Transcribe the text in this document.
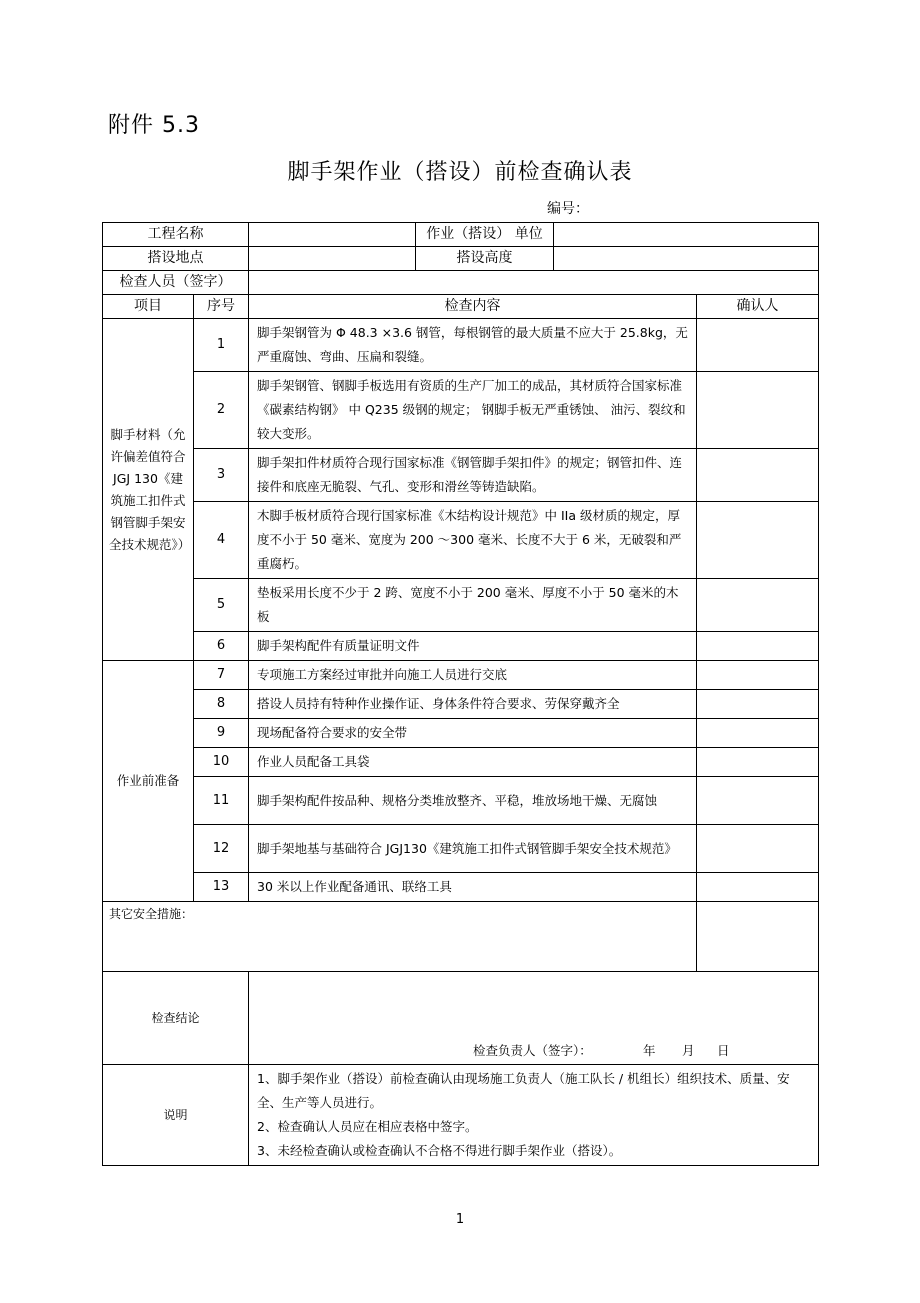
附件 5.3
脚手架作业（搭设）前检查确认表
编号：
工程名称			作业（搭设） 单位		
搭设地点			搭设高度		
检查人员（签字）					
项目	序号	检查内容			确认人
脚手材料（允许偏差值符合 JGJ 130《建筑施工扣件式钢管脚手架安全技术规范》）	1	脚手架钢管为 Φ 48.3 ×3.6 钢管，每根钢管的最大质量不应大于 25.8kg，无严重腐蚀、弯曲、压扁和裂缝。			
	2	脚手架钢管、钢脚手板选用有资质的生产厂加工的成品，其材质符合国家标准《碳素结构钢》 中 Q235 级钢的规定； 钢脚手板无严重锈蚀、 油污、裂纹和较大变形。			
	3	脚手架扣件材质符合现行国家标准《钢管脚手架扣件》的规定；钢管扣件、连接件和底座无脆裂、气孔、变形和滑丝等铸造缺陷。			
	4	木脚手板材质符合现行国家标准《木结构设计规范》中 IIa 级材质的规定，厚度不小于 50 毫米、宽度为 200 ～300 毫米、长度不大于 6 米，无破裂和严重腐朽。			
	5	垫板采用长度不少于 2 跨、宽度不小于 200 毫米、厚度不小于 50 毫米的木板			
	6	脚手架构配件有质量证明文件			
作业前准备	7	专项施工方案经过审批并向施工人员进行交底			
	8	搭设人员持有特种作业操作证、身体条件符合要求、劳保穿戴齐全			
	9	现场配备符合要求的安全带			
	10	作业人员配备工具袋			
	11	脚手架构配件按品种、规格分类堆放整齐、平稳，堆放场地干燥、无腐蚀			
	12	脚手架地基与基础符合 JGJ130《建筑施工扣件式钢管脚手架安全技术规范》			
	13	30 米以上作业配备通讯、联络工具			
其它安全措施：					
检查结论		检查负责人（签字）： 年 月 日			

说明		1、脚手架作业（搭设）前检查确认由现场施工负责人（施工队长 / 机组长）组织技术、质量、安全、生产等人员进行。
2、检查确认人员应在相应表格中签字。
3、未经检查确认或检查确认不合格不得进行脚手架作业（搭设）。			
1
